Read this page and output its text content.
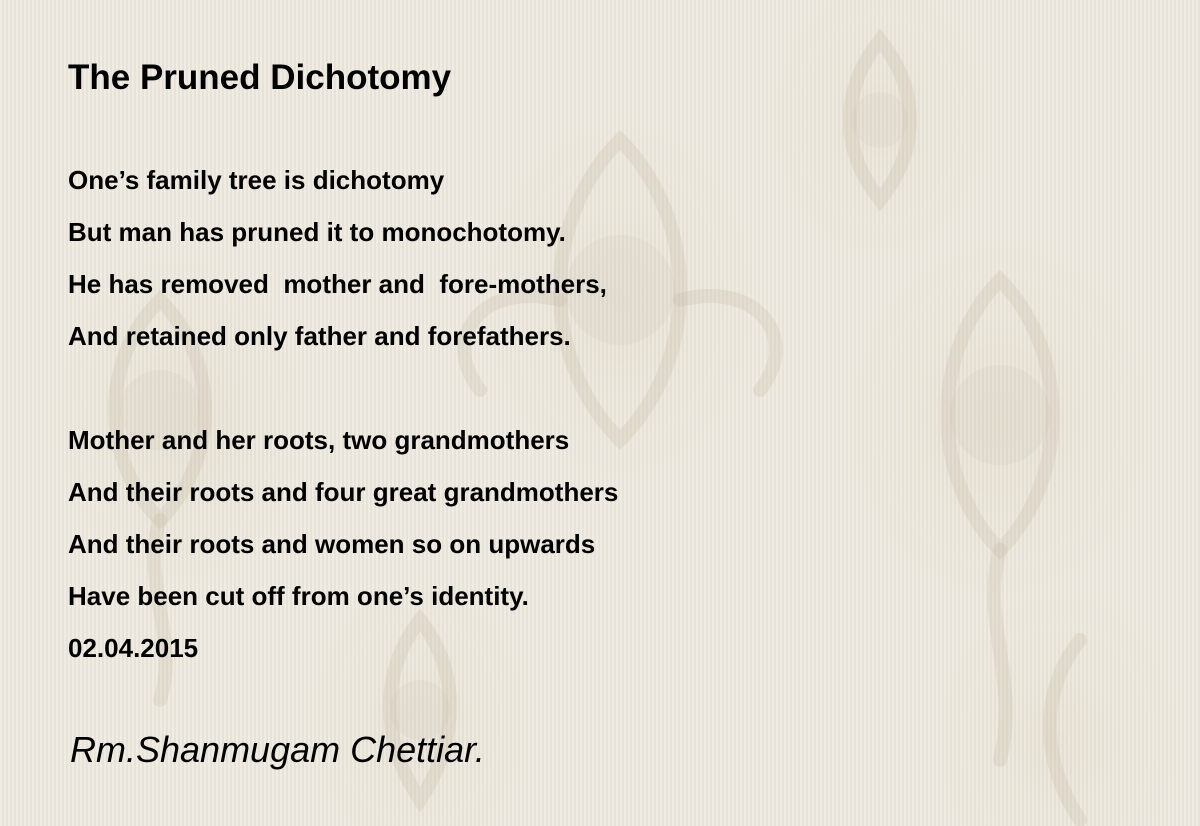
The Pruned Dichotomy
One’s family tree is dichotomy
But man has pruned it to monochotomy.
He has removed  mother and  fore-mothers,
And retained only father and forefathers.
Mother and her roots, two grandmothers
And their roots and four great grandmothers
And their roots and women so on upwards
Have been cut off from one’s identity.
02.04.2015
Rm.Shanmugam Chettiar.
